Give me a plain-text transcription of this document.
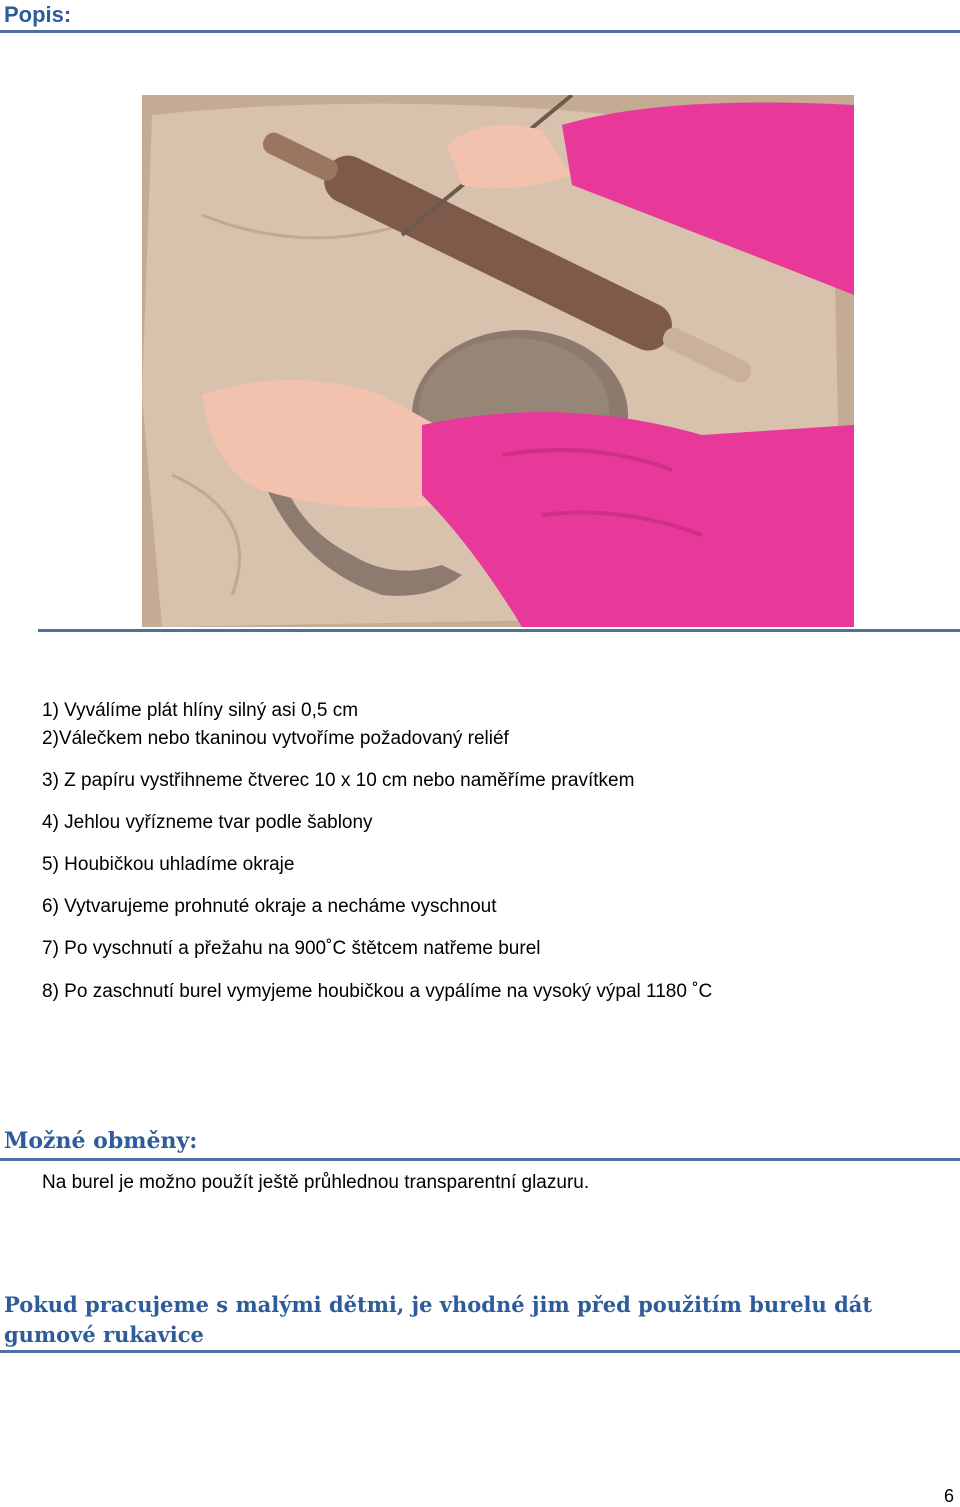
Popis:
1) Vyválíme plát hlíny silný asi 0,5 cm
2)Válečkem nebo tkaninou vytvoříme požadovaný reliéf
3) Z papíru vystřihneme čtverec 10 x 10 cm nebo naměříme pravítkem
4) Jehlou vyřízneme tvar podle šablony
5) Houbičkou uhladíme okraje
6) Vytvarujeme prohnuté okraje a necháme vyschnout
7) Po vyschnutí a přežahu na 900˚C štětcem natřeme burel
8) Po zaschnutí burel vymyjeme houbičkou a vypálíme na vysoký výpal 1180 ˚C
Možné obměny:

Na burel je možno použít ještě průhlednou transparentní glazuru.

Pokud pracujeme s malými dětmi, je vhodné jim před použitím burelu dát gumové rukavice

6
